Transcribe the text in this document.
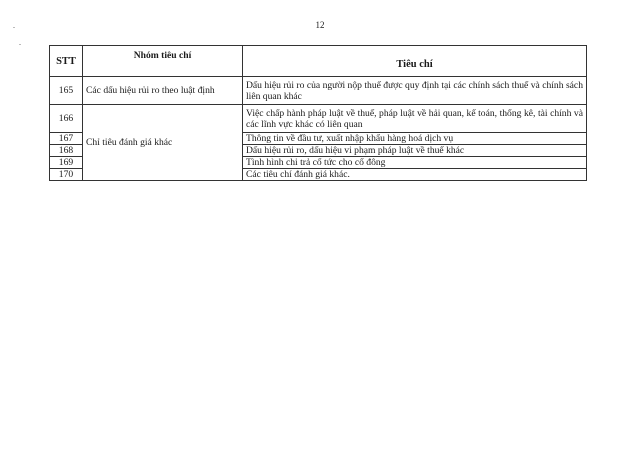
12
STT	Nhóm tiêu chí	Tiêu chí
165	Các dấu hiệu rủi ro theo luật định	Dấu hiệu rủi ro của người nộp thuế được quy định tại các chính sách thuế và chính sách liên quan khác
166	Chỉ tiêu đánh giá khác	Việc chấp hành pháp luật về thuế, pháp luật về hải quan, kế toán, thống kê, tài chính và các lĩnh vực khác có liên quan
167		Thông tin về đầu tư, xuất nhập khẩu hàng hoá dịch vụ
168		Dấu hiệu rủi ro, dấu hiệu vi phạm pháp luật về thuế khác
169		Tình hình chi trả cổ tức cho cổ đông
170		Các tiêu chí đánh giá khác.
